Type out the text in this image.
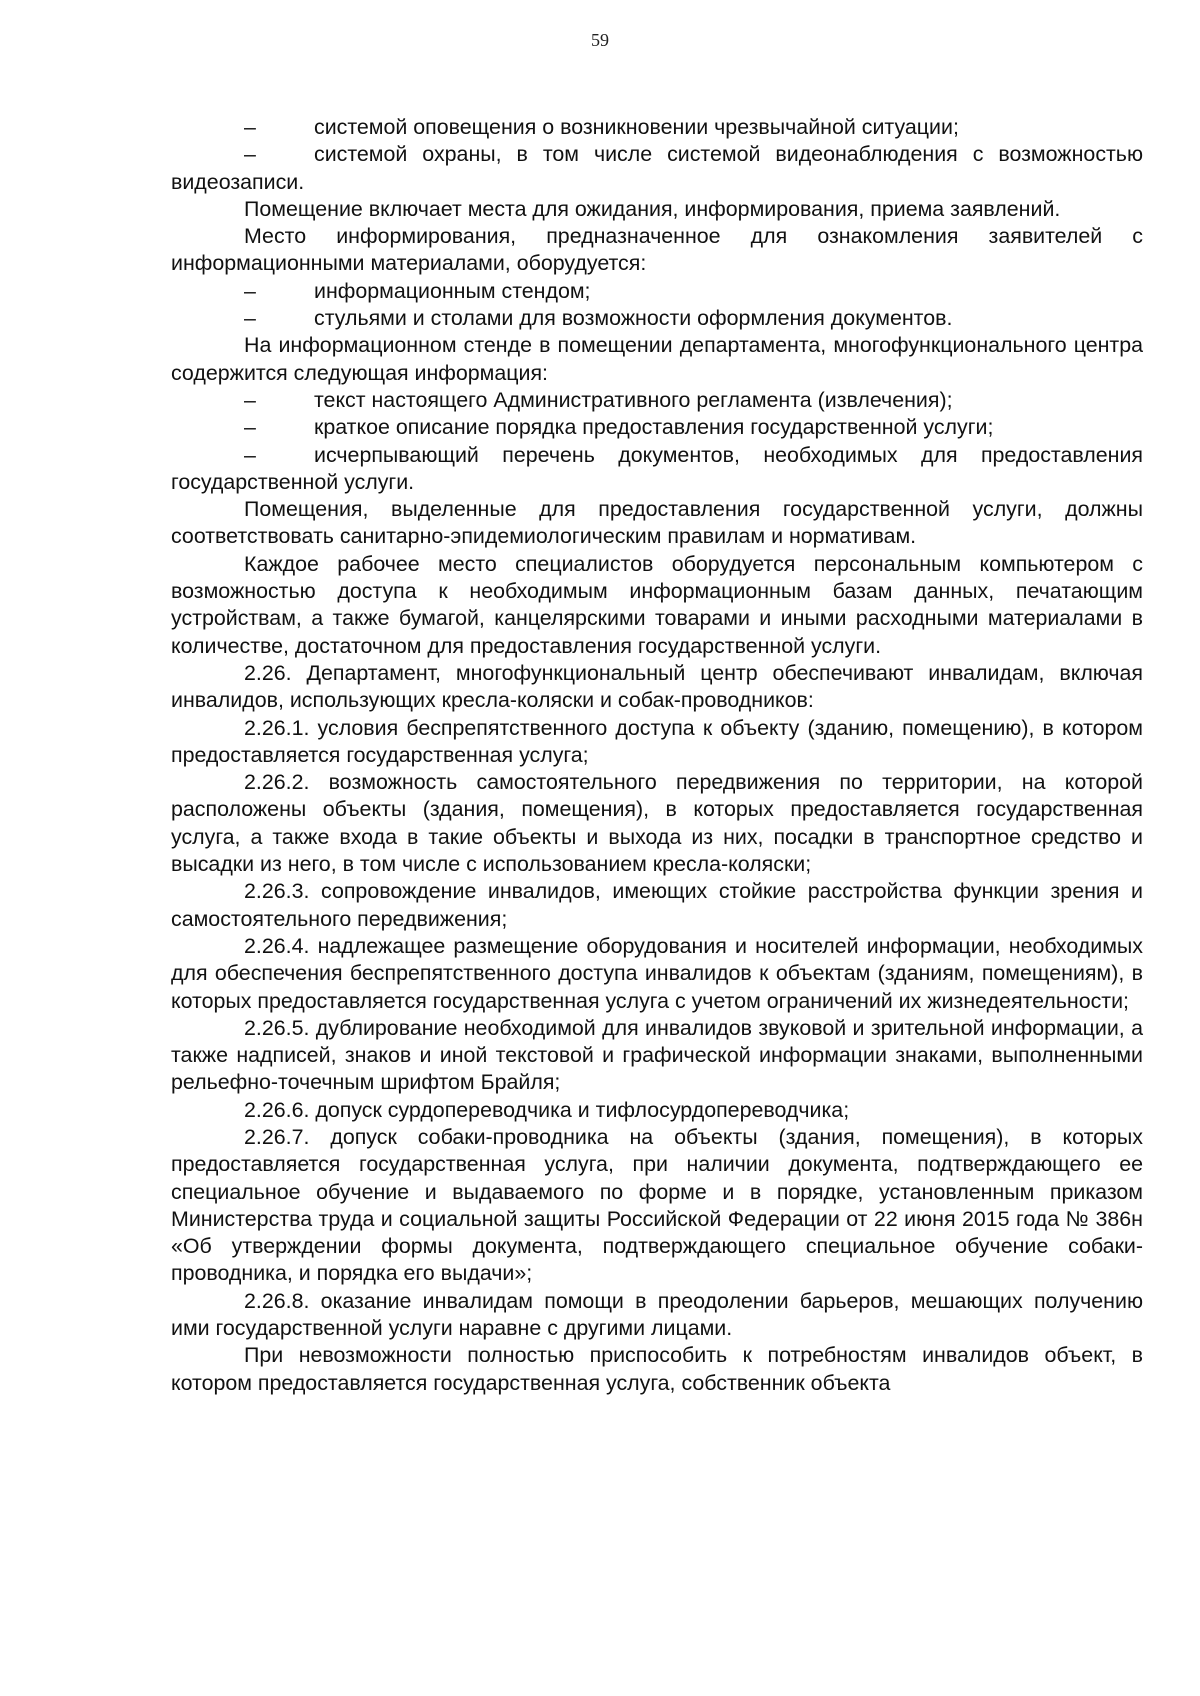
59

–	системой оповещения о возникновении чрезвычайной ситуации;

–	системой охраны, в том числе системой видеонаблюдения с возможностью видеозаписи.

Помещение включает места для ожидания, информирования, приема заявлений.

Место информирования, предназначенное для ознакомления заявителей с информационными материалами, оборудуется:

–	информационным стендом;

–	стульями и столами для возможности оформления документов.

На информационном стенде в помещении департамента, многофункционального центра содержится следующая информация:

–	текст настоящего Административного регламента (извлечения);

–	краткое описание порядка предоставления государственной услуги;

–	исчерпывающий перечень документов, необходимых для предоставления государственной услуги.

Помещения, выделенные для предоставления государственной услуги, должны соответствовать санитарно-эпидемиологическим правилам и нормативам.

Каждое рабочее место специалистов оборудуется персональным компьютером с возможностью доступа к необходимым информационным базам данных, печатающим устройствам, а также бумагой, канцелярскими товарами и иными расходными материалами в количестве, достаточном для предоставления государственной услуги.

2.26. Департамент, многофункциональный центр обеспечивают инвалидам, включая инвалидов, использующих кресла-коляски и собак-проводников:

2.26.1. условия беспрепятственного доступа к объекту (зданию, помещению), в котором предоставляется государственная услуга;

2.26.2. возможность самостоятельного передвижения по территории, на которой расположены объекты (здания, помещения), в которых предоставляется государственная услуга, а также входа в такие объекты и выхода из них, посадки в транспортное средство и высадки из него, в том числе с использованием кресла-коляски;

2.26.3. сопровождение инвалидов, имеющих стойкие расстройства функции зрения и самостоятельного передвижения;

2.26.4. надлежащее размещение оборудования и носителей информации, необходимых для обеспечения беспрепятственного доступа инвалидов к объектам (зданиям, помещениям), в которых предоставляется государственная услуга с учетом ограничений их жизнедеятельности;

2.26.5. дублирование необходимой для инвалидов звуковой и зрительной информации, а также надписей, знаков и иной текстовой и графической информации знаками, выполненными рельефно-точечным шрифтом Брайля;

2.26.6. допуск сурдопереводчика и тифлосурдопереводчика;

2.26.7. допуск собаки-проводника на объекты (здания, помещения), в которых предоставляется государственная услуга, при наличии документа, подтверждающего ее специальное обучение и выдаваемого по форме и в порядке, установленным приказом Министерства труда и социальной защиты Российской Федерации от 22 июня 2015 года № 386н «Об утверждении формы документа, подтверждающего специальное обучение собаки-проводника, и порядка его выдачи»;

2.26.8. оказание инвалидам помощи в преодолении барьеров, мешающих получению ими государственной услуги наравне с другими лицами.

При невозможности полностью приспособить к потребностям инвалидов объект, в котором предоставляется государственная услуга, собственник объекта
